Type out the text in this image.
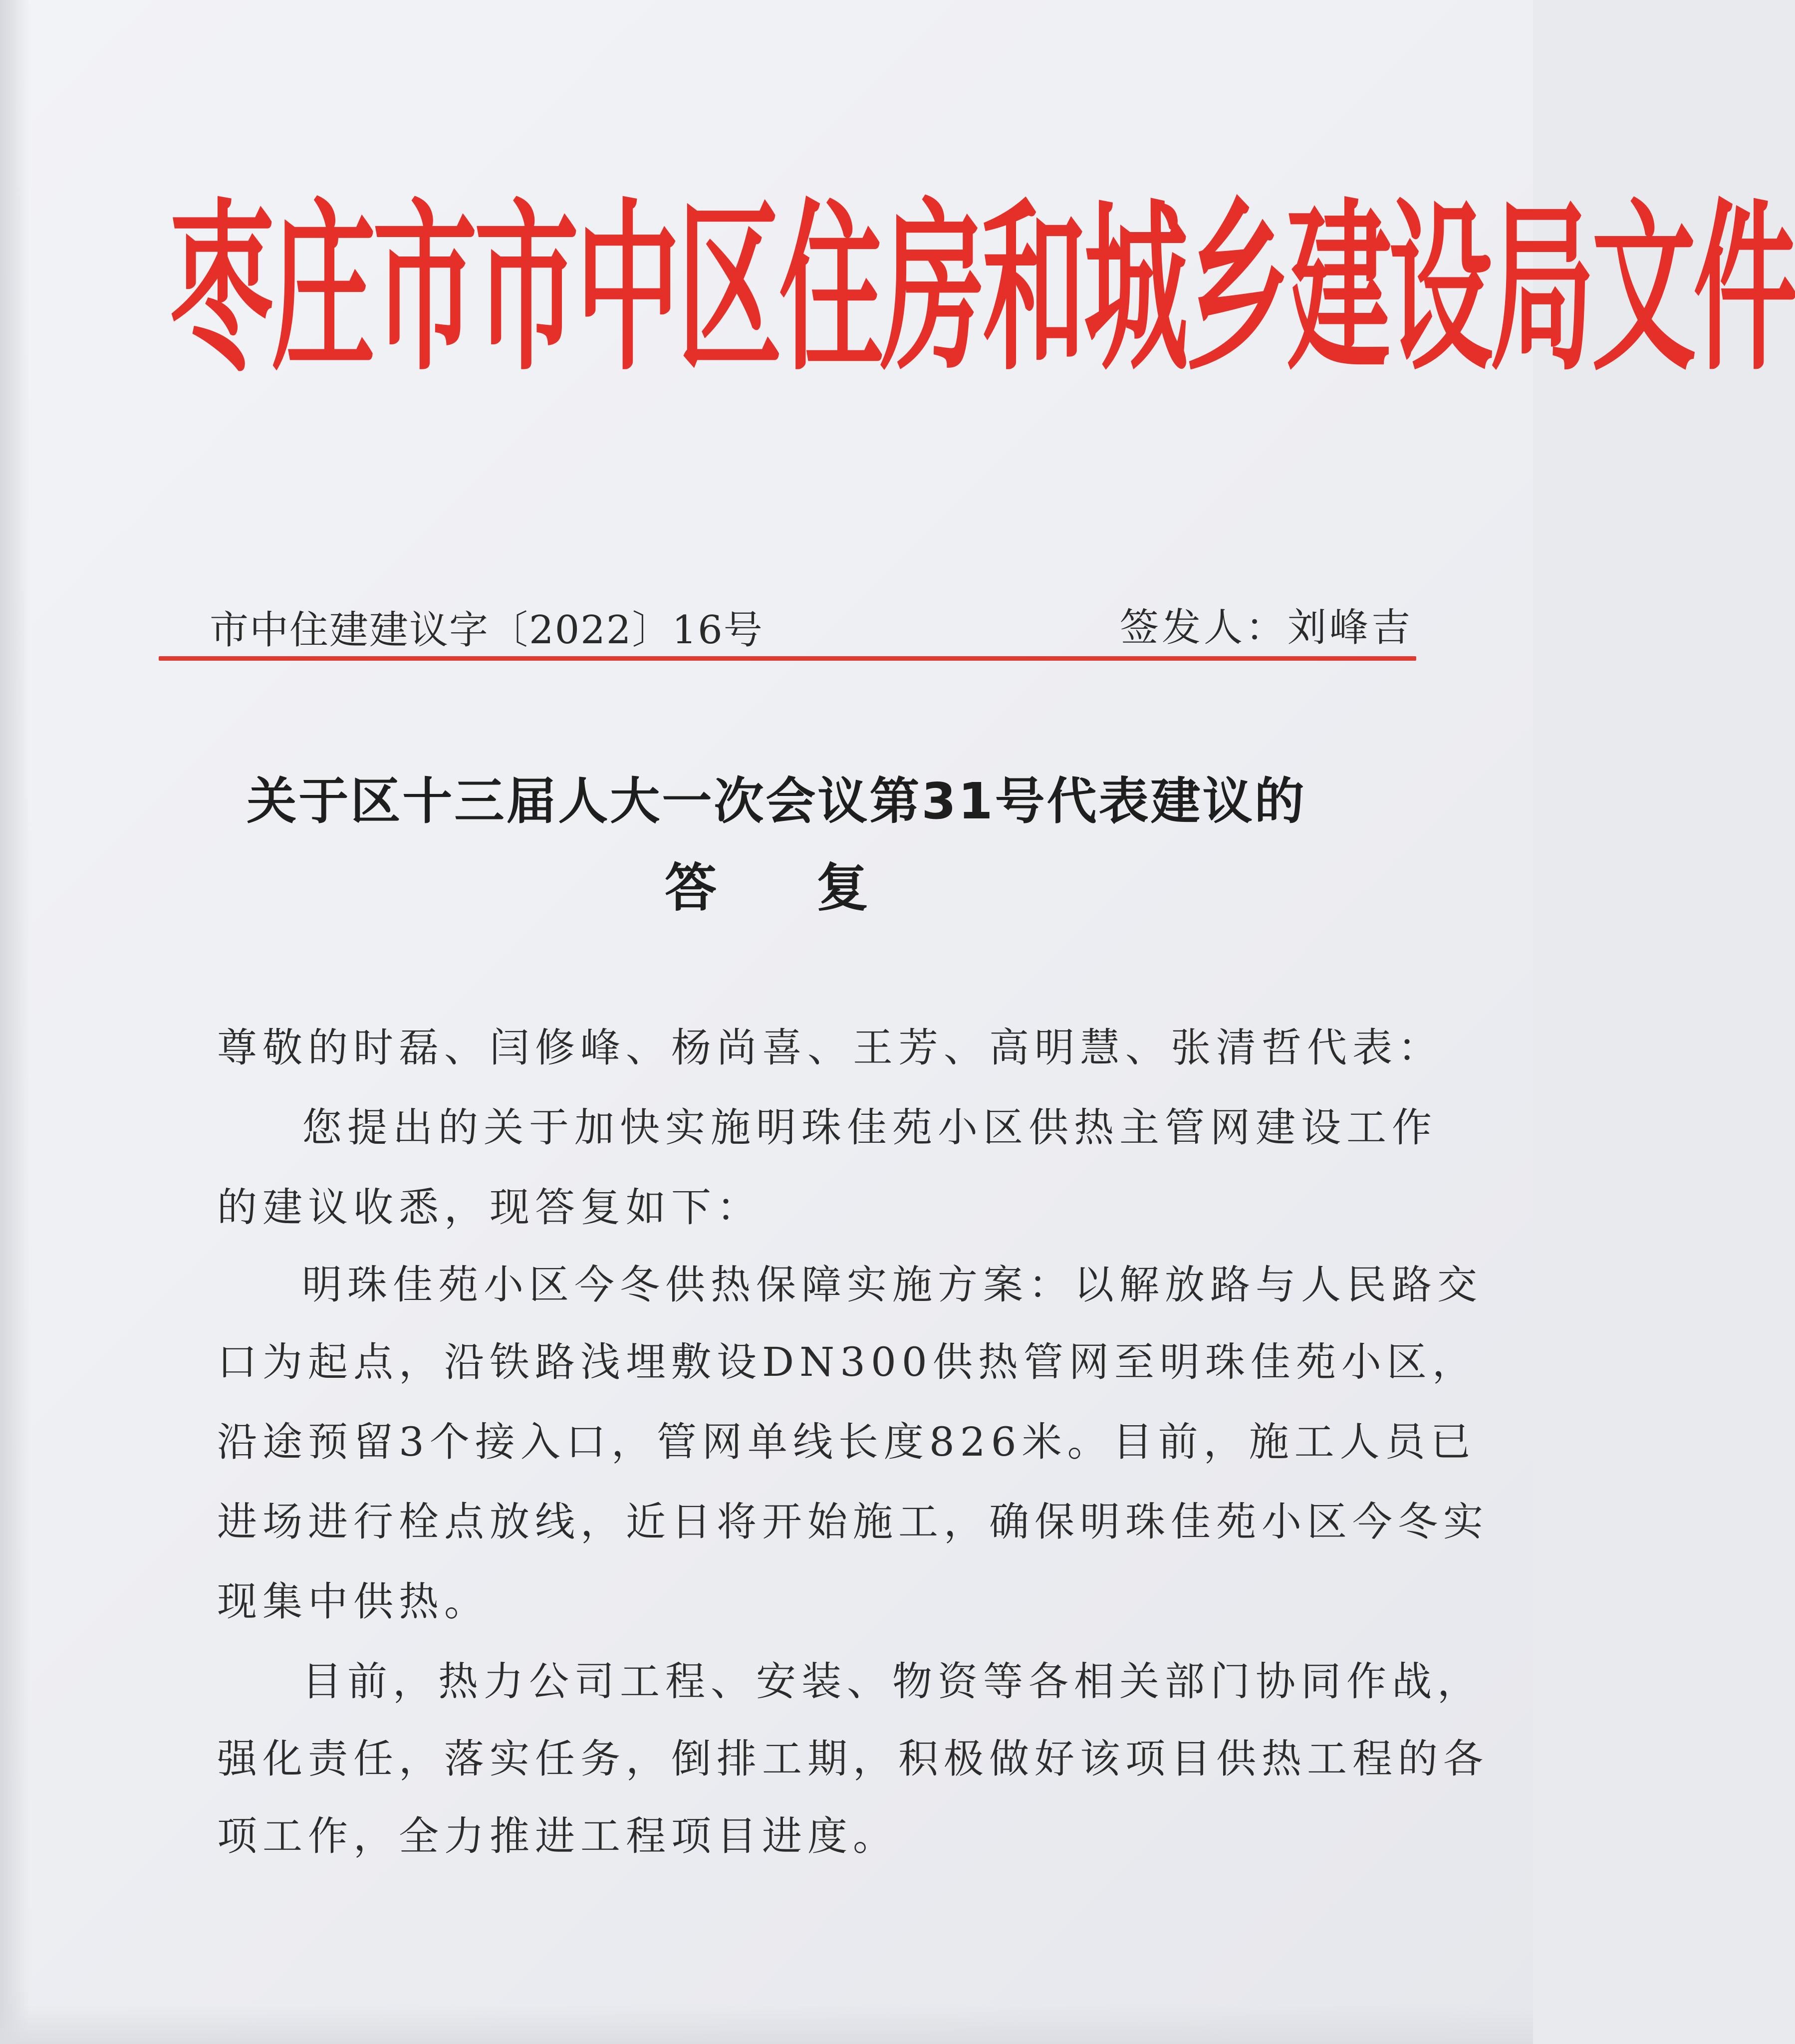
枣庄市市中区住房和城乡建设局文件
市中住建建议字〔2022〕16号	签发人：刘峰吉
关于区十三届人大一次会议第31号代表建议的
答 复
尊敬的时磊、闫修峰、杨尚喜、王芳、高明慧、张清哲代表：
您提出的关于加快实施明珠佳苑小区供热主管网建设工作
的建议收悉，现答复如下：
明珠佳苑小区今冬供热保障实施方案：以解放路与人民路交
口为起点，沿铁路浅埋敷设DN300供热管网至明珠佳苑小区，
沿途预留3个接入口，管网单线长度826米。目前，施工人员已
进场进行栓点放线，近日将开始施工，确保明珠佳苑小区今冬实
现集中供热。
目前，热力公司工程、安装、物资等各相关部门协同作战，
强化责任，落实任务，倒排工期，积极做好该项目供热工程的各
项工作，全力推进工程项目进度。
